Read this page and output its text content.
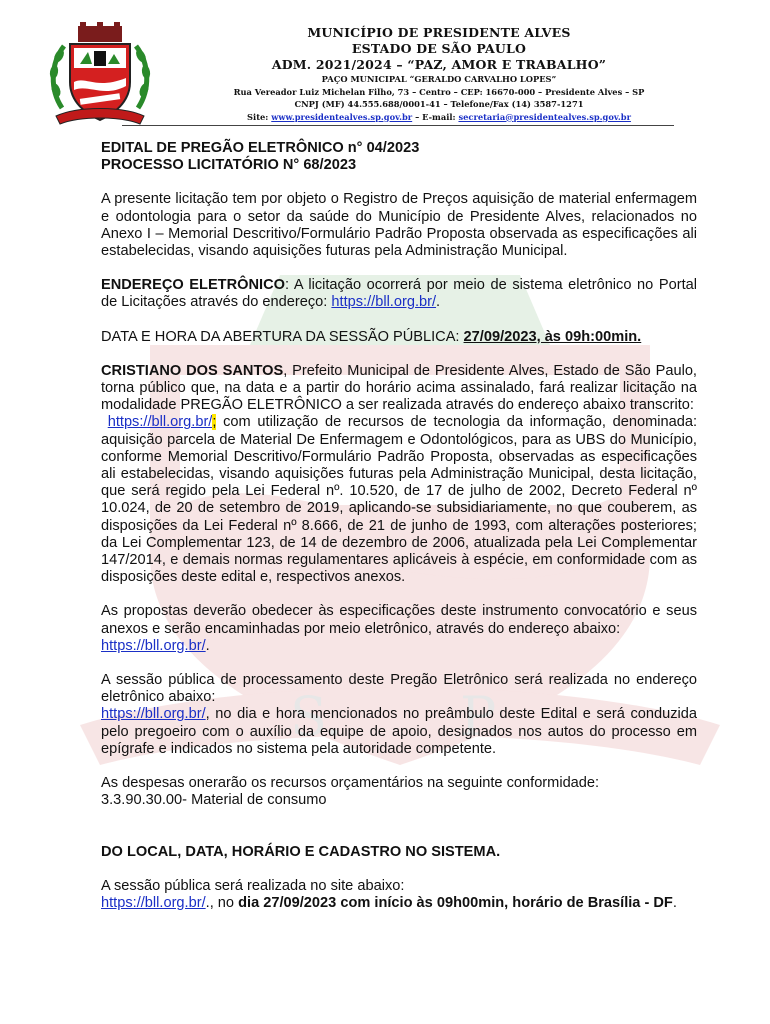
MUNICÍPIO DE PRESIDENTE ALVES
ESTADO DE SÃO PAULO
ADM. 2021/2024 – “PAZ, AMOR E TRABALHO”
PAÇO MUNICIPAL “GERALDO CARVALHO LOPES”
Rua Vereador Luiz Michelan Filho, 73 – Centro – CEP: 16670-000 – Presidente Alves – SP
CNPJ (MF) 44.555.688/0001-41 – Telefone/Fax (14) 3587-1271
Site: www.presidentealves.sp.gov.br – E-mail: secretaria@presidentealves.sp.gov.br
S. P.
EDITAL DE PREGÃO ELETRÔNICO n° 04/2023
PROCESSO LICITATÓRIO N° 68/2023

A presente licitação tem por objeto o Registro de Preços aquisição de material enfermagem e odontologia para o setor da saúde do Município de Presidente Alves, relacionados no Anexo I – Memorial Descritivo/Formulário Padrão Proposta observada as especificações ali estabelecidas, visando aquisições futuras pela Administração Municipal.

ENDEREÇO ELETRÔNICO: A licitação ocorrerá por meio de sistema eletrônico no Portal de Licitações através do endereço: https://bll.org.br/.

DATA E HORA DA ABERTURA DA SESSÃO PÚBLICA: 27/09/2023, às 09h:00min.

CRISTIANO DOS SANTOS, Prefeito Municipal de Presidente Alves, Estado de São Paulo, torna público que, na data e a partir do horário acima assinalado, fará realizar licitação na modalidade PREGÃO ELETRÔNICO a ser realizada através do endereço abaixo transcrito:
https://bll.org.br/; com utilização de recursos de tecnologia da informação, denominada: aquisição parcela de Material De Enfermagem e Odontológicos, para as UBS do Município, conforme Memorial Descritivo/Formulário Padrão Proposta, observadas as especificações ali estabelecidas, visando aquisições futuras pela Administração Municipal, desta licitação, que será regido pela Lei Federal nº. 10.520, de 17 de julho de 2002, Decreto Federal nº 10.024, de 20 de setembro de 2019, aplicando-se subsidiariamente, no que couberem, as disposições da Lei Federal nº 8.666, de 21 de junho de 1993, com alterações posteriores; da Lei Complementar 123, de 14 de dezembro de 2006, atualizada pela Lei Complementar 147/2014, e demais normas regulamentares aplicáveis à espécie, em conformidade com as disposições deste edital e, respectivos anexos.

As propostas deverão obedecer às especificações deste instrumento convocatório e seus anexos e serão encaminhadas por meio eletrônico, através do endereço abaixo:

https://bll.org.br/.

A sessão pública de processamento deste Pregão Eletrônico será realizada no endereço eletrônico abaixo:

https://bll.org.br/, no dia e hora mencionados no preâmbulo deste Edital e será conduzida pelo pregoeiro com o auxílio da equipe de apoio, designados nos autos do processo em epígrafe e indicados no sistema pela autoridade competente.

As despesas onerarão os recursos orçamentários na seguinte conformidade:

3.3.90.30.00- Material de consumo

DO LOCAL, DATA, HORÁRIO E CADASTRO NO SISTEMA.

A sessão pública será realizada no site abaixo:

https://bll.org.br/., no dia 27/09/2023 com início às 09h00min, horário de Brasília - DF.
